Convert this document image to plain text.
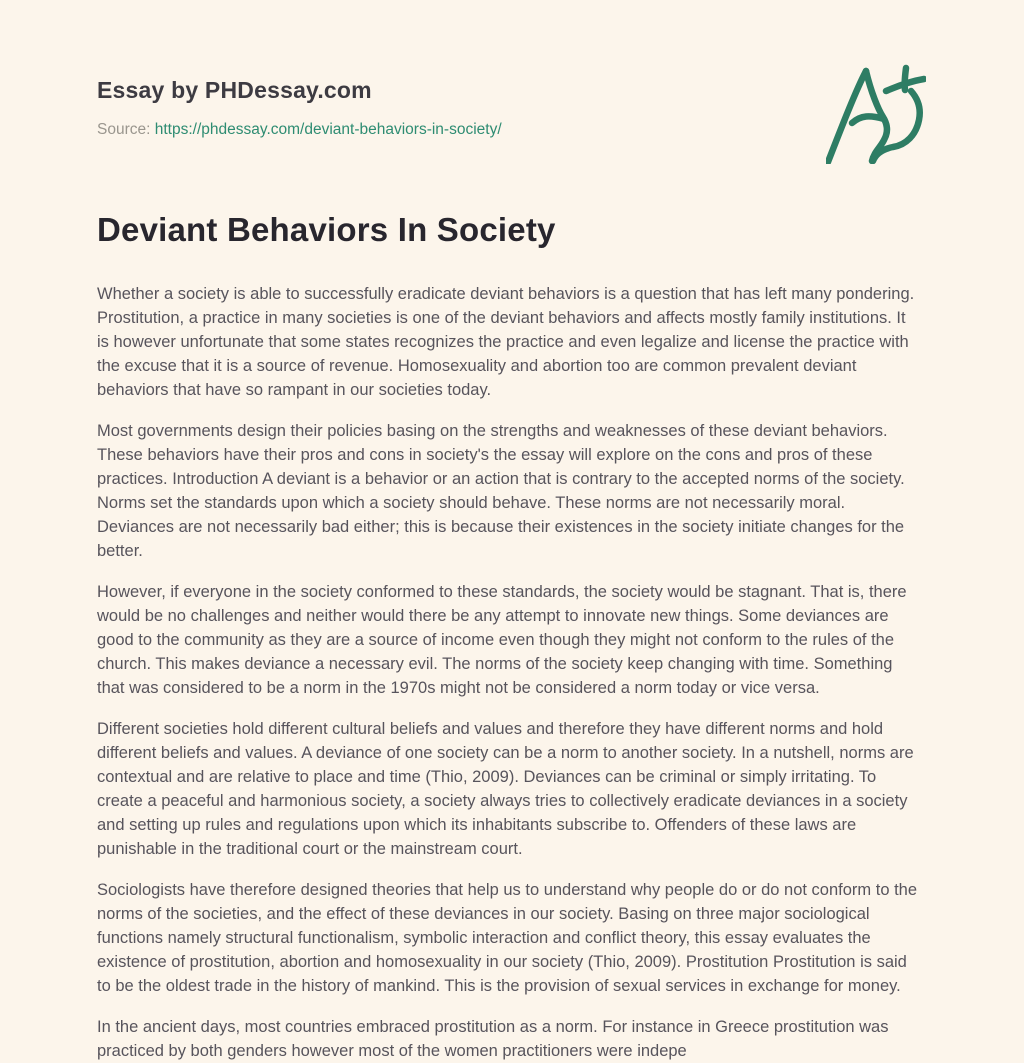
Essay by PHDessay.com
Source: https://phdessay.com/deviant-behaviors-in-society/
Deviant Behaviors In Society

Whether a society is able to successfully eradicate deviant behaviors is a question that has left many pondering. Prostitution, a practice in many societies is one of the deviant behaviors and affects mostly family institutions. It is however unfortunate that some states recognizes the practice and even legalize and license the practice with the excuse that it is a source of revenue. Homosexuality and abortion too are common prevalent deviant behaviors that have so rampant in our societies today.

Most governments design their policies basing on the strengths and weaknesses of these deviant behaviors. These behaviors have their pros and cons in society's the essay will explore on the cons and pros of these practices. Introduction A deviant is a behavior or an action that is contrary to the accepted norms of the society. Norms set the standards upon which a society should behave. These norms are not necessarily moral. Deviances are not necessarily bad either; this is because their existences in the society initiate changes for the better.

However, if everyone in the society conformed to these standards, the society would be stagnant. That is, there would be no challenges and neither would there be any attempt to innovate new things. Some deviances are good to the community as they are a source of income even though they might not conform to the rules of the church. This makes deviance a necessary evil. The norms of the society keep changing with time. Something that was considered to be a norm in the 1970s might not be considered a norm today or vice versa.

Different societies hold different cultural beliefs and values and therefore they have different norms and hold different beliefs and values. A deviance of one society can be a norm to another society. In a nutshell, norms are contextual and are relative to place and time (Thio, 2009). Deviances can be criminal or simply irritating. To create a peaceful and harmonious society, a society always tries to collectively eradicate deviances in a society and setting up rules and regulations upon which its inhabitants subscribe to. Offenders of these laws are punishable in the traditional court or the mainstream court.

Sociologists have therefore designed theories that help us to understand why people do or do not conform to the norms of the societies, and the effect of these deviances in our society. Basing on three major sociological functions namely structural functionalism, symbolic interaction and conflict theory, this essay evaluates the existence of prostitution, abortion and homosexuality in our society (Thio, 2009). Prostitution Prostitution is said to be the oldest trade in the history of mankind. This is the provision of sexual services in exchange for money.

In the ancient days, most countries embraced prostitution as a norm. For instance in Greece prostitution was practiced by both genders however most of the women practitioners were indepe
